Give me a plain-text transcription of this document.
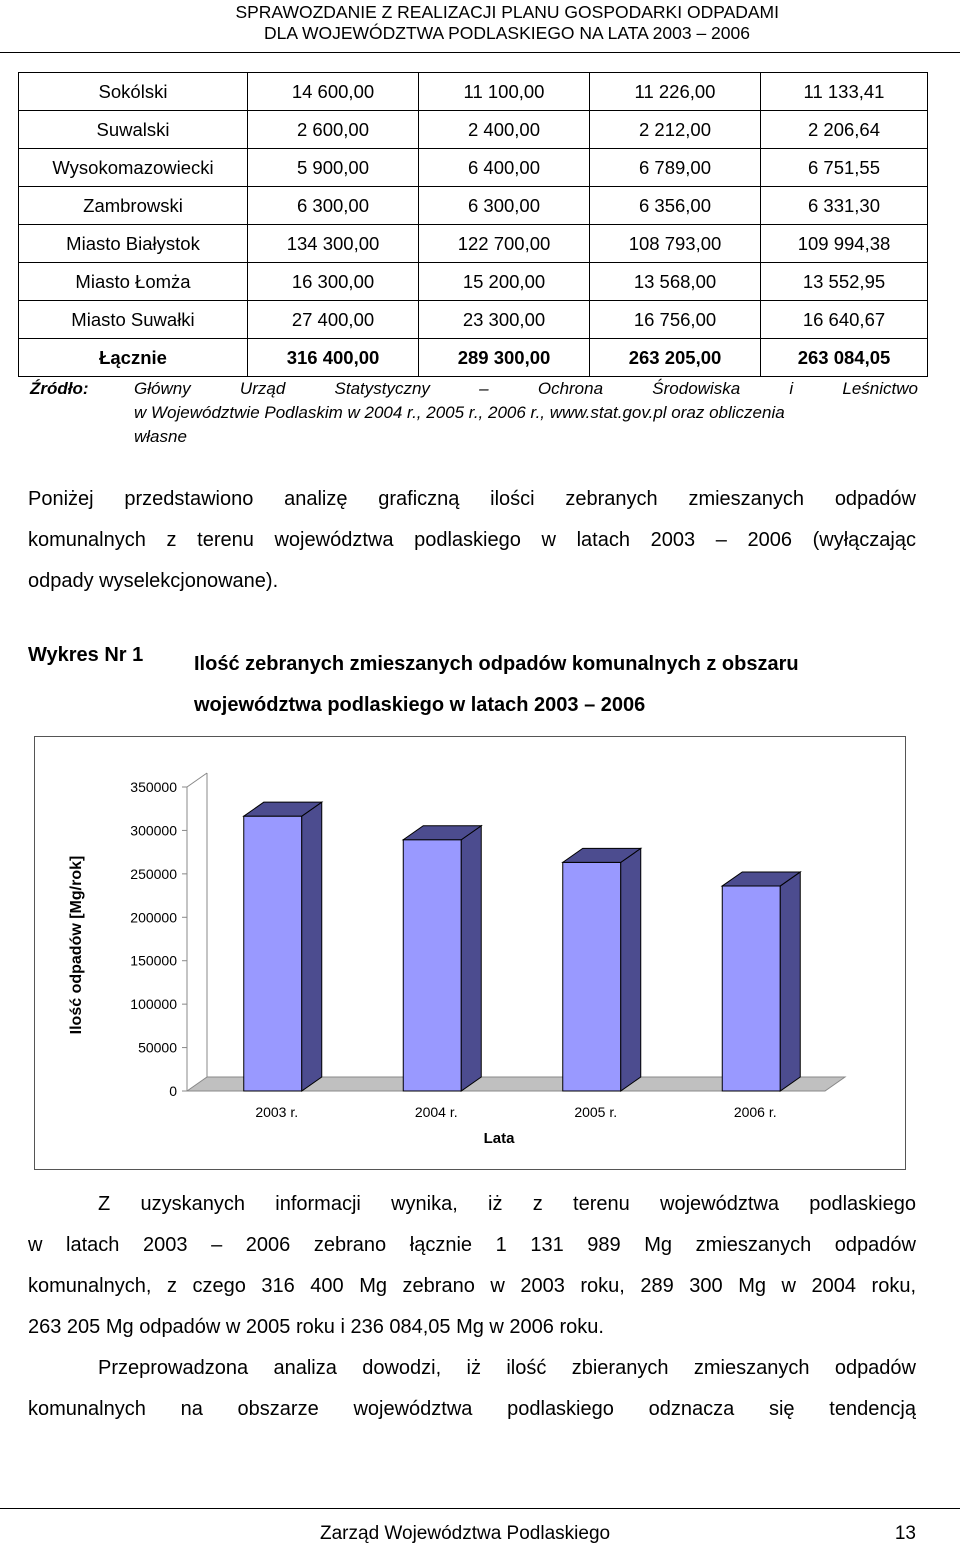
SPRAWOZDANIE Z REALIZACJI PLANU GOSPODARKI ODPADAMI
DLA WOJEWÓDZTWA PODLASKIEGO NA LATA 2003 – 2006
Sokólski	14 600,00	11 100,00	11 226,00	11 133,41
Suwalski	2 600,00	2 400,00	2 212,00	2 206,64
Wysokomazowiecki	5 900,00	6 400,00	6 789,00	6 751,55
Zambrowski	6 300,00	6 300,00	6 356,00	6 331,30
Miasto Białystok	134 300,00	122 700,00	108 793,00	109 994,38
Miasto Łomża	16 300,00	15 200,00	13 568,00	13 552,95
Miasto Suwałki	27 400,00	23 300,00	16 756,00	16 640,67
Łącznie	316 400,00	289 300,00	263 205,00	263 084,05
Źródło:	Główny Urząd Statystyczny – Ochrona Środowiska i Leśnictwo
w Województwie Podlaskim w 2004 r., 2005 r., 2006 r., www.stat.gov.pl oraz obliczenia
własne
Poniżej przedstawiono analizę graficzną ilości zebranych zmieszanych odpadów
komunalnych z terenu województwa podlaskiego w latach 2003 – 2006 (wyłączając
odpady wyselekcjonowane).
Wykres Nr 1	Ilość zebranych zmieszanych odpadów komunalnych z obszaru
województwa podlaskiego w latach 2003 – 2006
0
50000
100000
150000
200000
250000
300000
350000
2003 r.	2004 r.	2005 r.	2006 r.
Lata
Ilość odpadów [Mg/rok]
Z uzyskanych informacji wynika, iż z terenu województwa podlaskiego
w latach 2003 – 2006 zebrano łącznie 1 131 989 Mg zmieszanych odpadów
komunalnych, z czego 316 400 Mg zebrano w 2003 roku, 289 300 Mg w 2004 roku,
263 205 Mg odpadów w 2005 roku i 236 084,05 Mg w 2006 roku.
Przeprowadzona analiza dowodzi, iż ilość zbieranych zmieszanych odpadów
komunalnych na obszarze województwa podlaskiego odznacza się tendencją
Zarząd Województwa Podlaskiego	13
